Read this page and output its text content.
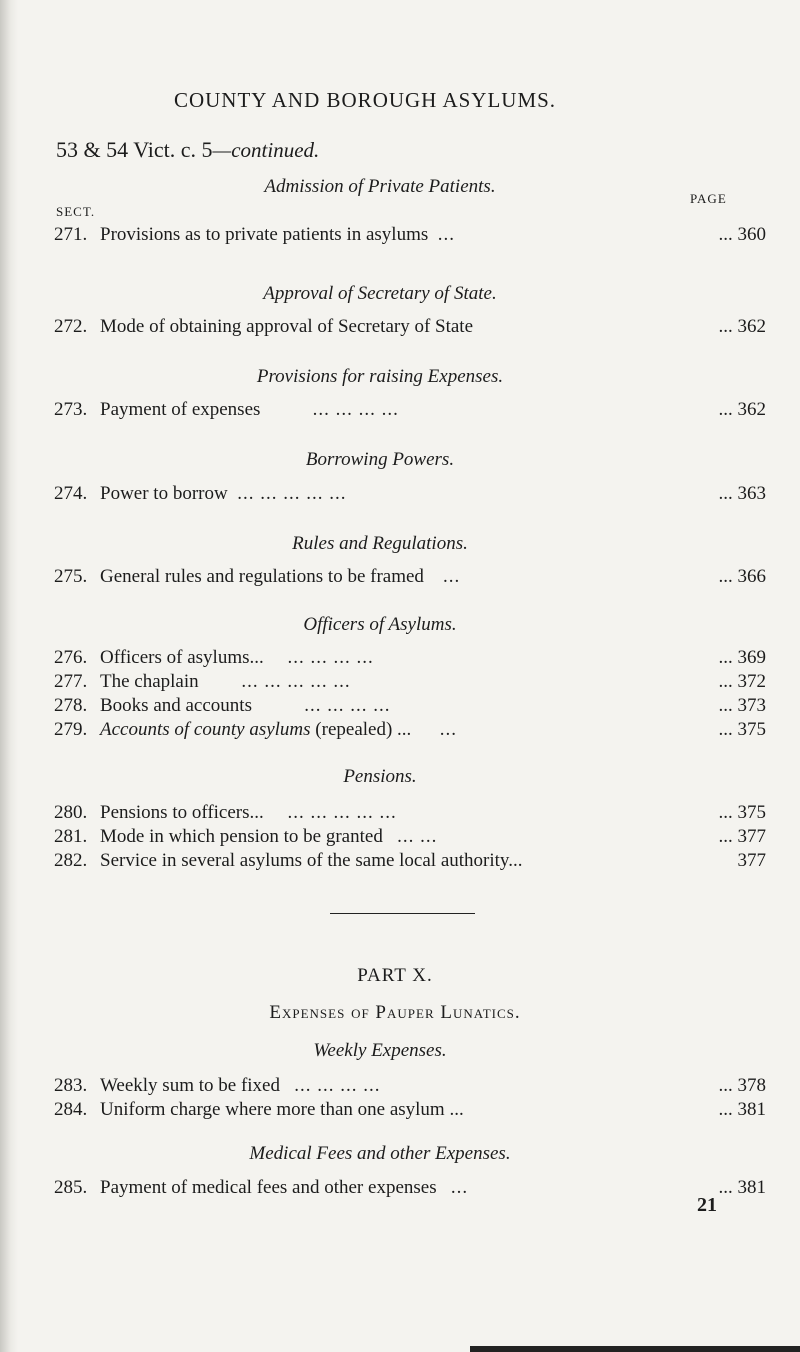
COUNTY AND BOROUGH ASYLUMS.
53 & 54 Vict. c. 5—continued.
Admission of Private Patients.
PAGE
SECT.
271. Provisions as to private patients in asylums ...	... 360
Approval of Secretary of State.
272. Mode of obtaining approval of Secretary of State	... 362
Provisions for raising Expenses.
273. Payment of expenses	... ... ... ...	... 362
Borrowing Powers.
274. Power to borrow ... ... ... ... ...	... 363
Rules and Regulations.
275. General rules and regulations to be framed ...	... 366
Officers of Asylums.
276. Officers of asylums... ... ... ... ...	... 369
277. The chaplain ... ... ... ... ...	... 372
278. Books and accounts	... ... ... ...	... 373
279. Accounts of county asylums (repealed) ... ...	... 375
Pensions.
280. Pensions to officers... ... ... ... ... ...	... 375
281. Mode in which pension to be granted ... ...	... 377
282. Service in several asylums of the same local authority...	377
PART X.
Expenses of Pauper Lunatics.
Weekly Expenses.
283. Weekly sum to be fixed ... ... ... ...	... 378
284. Uniform charge where more than one asylum ...	... 381
Medical Fees and other Expenses.
285. Payment of medical fees and other expenses ...	... 381
21
